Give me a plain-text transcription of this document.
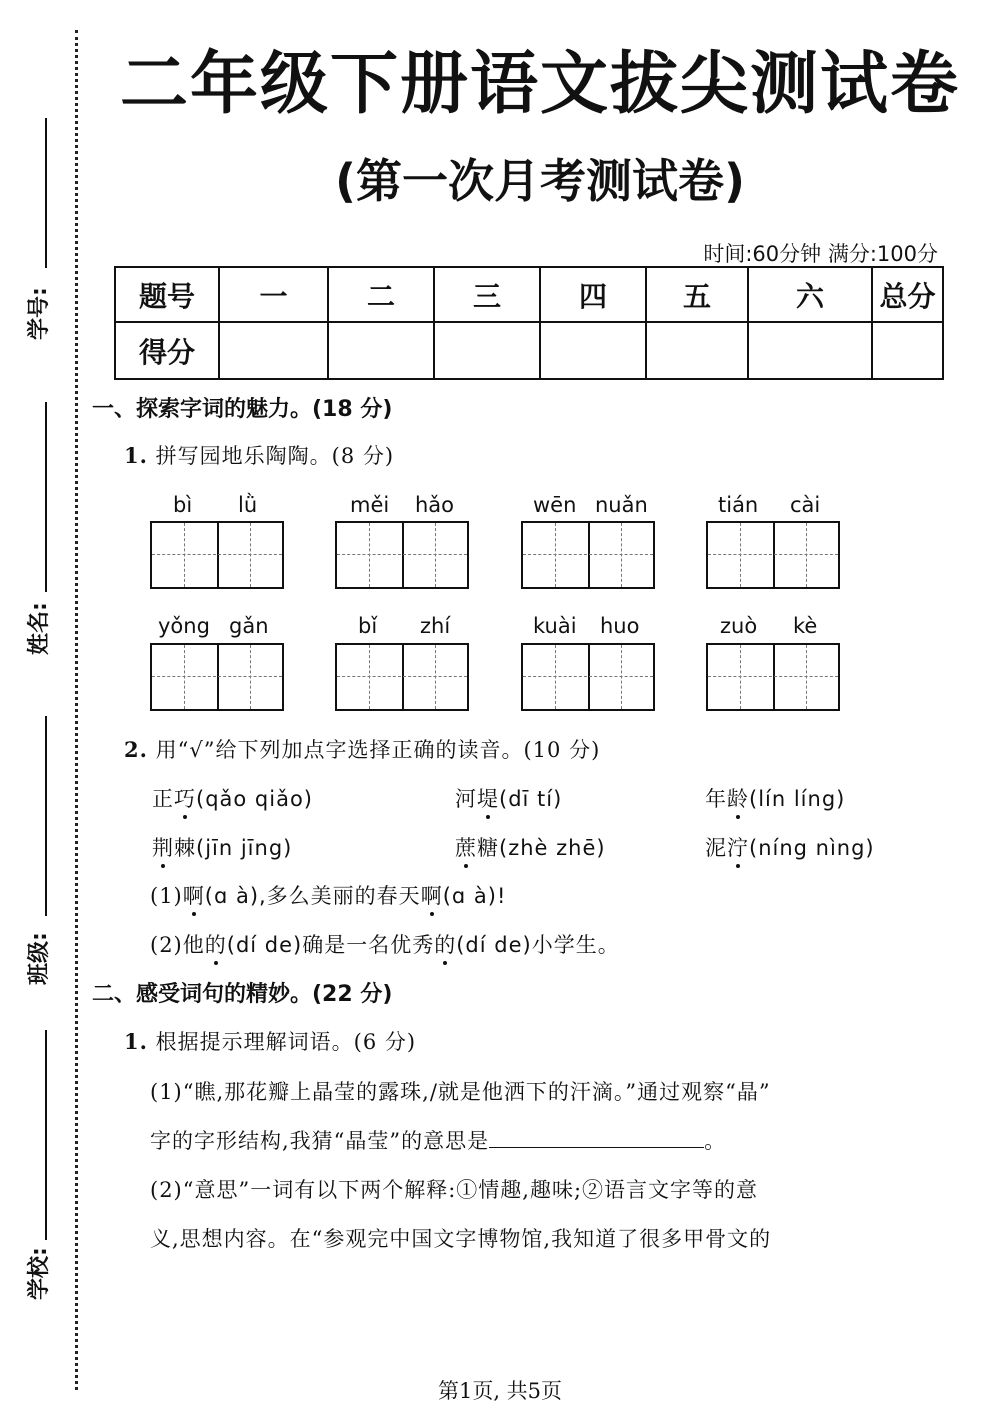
学号:
姓名:
班级:
学校:
二年级下册语文拔尖测试卷
(第一次月考测试卷)
时间:60分钟 满分:100分
题号	一	二	三	四	五	六	总分
得分							
一、探索字词的魅力。(18 分)
1. 拼写园地乐陶陶。(8 分)
bì lǜ	měi hǎo	wēn nuǎn	tián cài
yǒng gǎn	bǐ zhí	kuài huo	zuò kè
2. 用“√”给下列加点字选择正确的读音。(10 分)
正巧(qǎo qiǎo)	河堤(dī tí)	年龄(lín líng)
荆棘(jīn jīng)	蔗糖(zhè zhē)	泥泞(níng nìng)
(1)啊(ɑ à),多么美丽的春天啊(ɑ à)!
(2)他的(dí de)确是一名优秀的(dí de)小学生。
二、感受词句的精妙。(22 分)
1. 根据提示理解词语。(6 分)
(1)“瞧,那花瓣上晶莹的露珠,/就是他洒下的汗滴。”通过观察“晶”
字的字形结构,我猜“晶莹”的意思是	。
(2)“意思”一词有以下两个解释:①情趣,趣味;②语言文字等的意
义,思想内容。在“参观完中国文字博物馆,我知道了很多甲骨文的
第1页, 共5页
